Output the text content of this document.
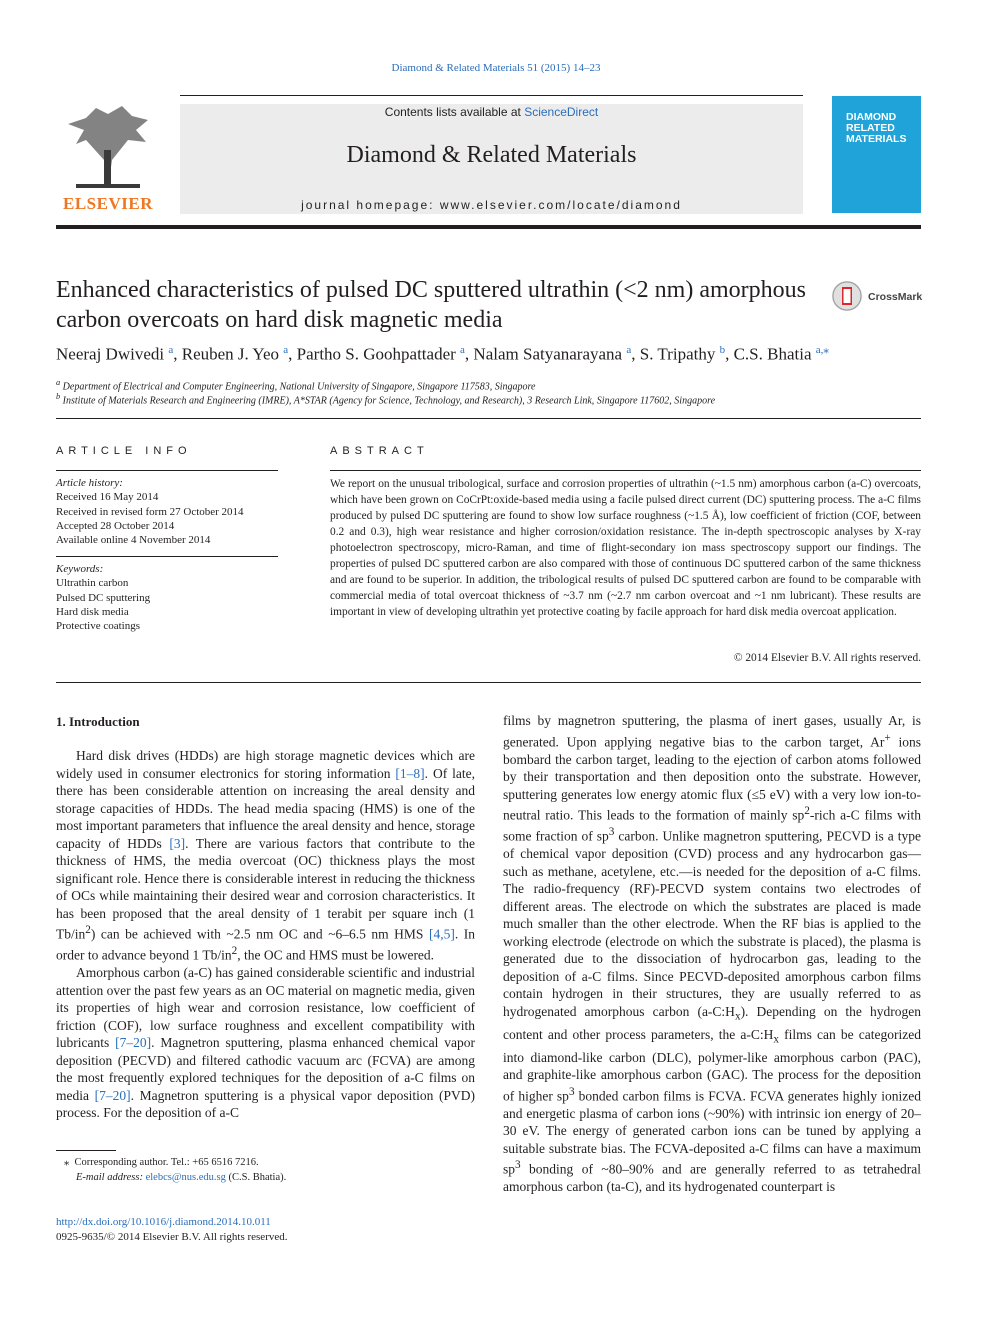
Diamond & Related Materials 51 (2015) 14–23
ELSEVIER
Contents lists available at ScienceDirect
Diamond & Related Materials
journal homepage: www.elsevier.com/locate/diamond
DIAMOND
RELATED
MATERIALS
Enhanced characteristics of pulsed DC sputtered ultrathin (<2 nm) amorphous carbon overcoats on hard disk magnetic media
CrossMark
Neeraj Dwivedi $^a$, Reuben J. Yeo $^a$, Partho S. Goohpattader $^a$, Nalam Satyanarayana $^a$, S. Tripathy $^b$, C.S. Bhatia $^{a,⁎}$
$^a$ Department of Electrical and Computer Engineering, National University of Singapore, Singapore 117583, Singapore
$^b$ Institute of Materials Research and Engineering (IMRE), A*STAR (Agency for Science, Technology, and Research), 3 Research Link, Singapore 117602, Singapore
ARTICLE INFO
Article history:
Received 16 May 2014
Received in revised form 27 October 2014
Accepted 28 October 2014
Available online 4 November 2014
Keywords:
Ultrathin carbon
Pulsed DC sputtering
Hard disk media
Protective coatings
ABSTRACT
We report on the unusual tribological, surface and corrosion properties of ultrathin (~1.5 nm) amorphous carbon (a-C) overcoats, which have been grown on CoCrPt:oxide-based media using a facile pulsed direct current (DC) sputtering process. The a-C films produced by pulsed DC sputtering are found to show low surface roughness (~1.5 Å), low coefficient of friction (COF, between 0.2 and 0.3), high wear resistance and higher corrosion/oxidation resistance. The in-depth spectroscopic analyses by X-ray photoelectron spectroscopy, micro-Raman, and time of flight-secondary ion mass spectroscopy support our findings. The properties of pulsed DC sputtered carbon are also compared with those of continuous DC sputtered carbon of the same thickness and are found to be superior. In addition, the tribological results of pulsed DC sputtered carbon are found to be comparable with commercial media of total overcoat thickness of ~3.7 nm (~2.7 nm carbon overcoat and ~1 nm lubricant). These results are important in view of developing ultrathin yet protective coating by facile approach for hard disk media overcoat application.
© 2014 Elsevier B.V. All rights reserved.
1. Introduction

Hard disk drives (HDDs) are high storage magnetic devices which are widely used in consumer electronics for storing information [1–8]. Of late, there has been considerable attention on increasing the areal density and storage capacities of HDDs. The head media spacing (HMS) is one of the most important parameters that influence the areal density and hence, storage capacity of HDDs [3]. There are various factors that contribute to the thickness of HMS, the media overcoat (OC) thickness plays the most significant role. Hence there is considerable interest in reducing the thickness of OCs while maintaining their desired wear and corrosion characteristics. It has been proposed that the areal density of 1 terabit per square inch (1 $Tb/in^2$) can be achieved with ~2.5 nm OC and ~6–6.5 nm HMS [4,5]. In order to advance beyond 1 $Tb/in^2$, the OC and HMS must be lowered.

Amorphous carbon (a-C) has gained considerable scientific and industrial attention over the past few years as an OC material on magnetic media, given its properties of high wear and corrosion resistance, low coefficient of friction (COF), low surface roughness and excellent compatibility with lubricants [7–20]. Magnetron sputtering, plasma enhanced chemical vapor deposition (PECVD) and filtered cathodic vacuum arc (FCVA) are among the most frequently explored techniques for the deposition of a-C films on media [7–20]. Magnetron sputtering is a physical vapor deposition (PVD) process. For the deposition of a-C

films by magnetron sputtering, the plasma of inert gases, usually Ar, is generated. Upon applying negative bias to the carbon target, Ar+ ions bombard the carbon target, leading to the ejection of carbon atoms followed by their transportation and then deposition onto the substrate. However, sputtering generates low energy atomic flux (≤5 eV) with a very low ion-to-neutral ratio. This leads to the formation of mainly $sp^2$-rich a-C films with some fraction of $sp^3$ carbon. Unlike magnetron sputtering, PECVD is a type of chemical vapor deposition (CVD) process and any hydrocarbon gas—such as methane, acetylene, etc.—is needed for the deposition of a-C films. The radio-frequency (RF)-PECVD system contains two electrodes of different areas. The electrode on which the substrates are placed is made much smaller than the other electrode. When the RF bias is applied to the working electrode (electrode on which the substrate is placed), the plasma is generated due to the dissociation of hydrocarbon gas, leading to the deposition of a-C films. Since PECVD-deposited amorphous carbon films contain hydrogen in their structures, they are usually referred to as hydrogenated amorphous carbon $(a-C:H_x)$. Depending on the hydrogen content and other process parameters, the $a-C:H_x$ films can be categorized into diamond-like carbon (DLC), polymer-like amorphous carbon (PAC), and graphite-like amorphous carbon (GAC). The process for the deposition of higher $sp^3$ bonded carbon films is FCVA. FCVA generates highly ionized and energetic plasma of carbon ions (~90%) with intrinsic ion energy of 20–30 eV. The energy of generated carbon ions can be tuned by applying a suitable substrate bias. The FCVA-deposited a-C films can have a maximum $sp^3$ bonding of ~80–90% and are generally referred to as tetrahedral amorphous carbon (ta-C), and its hydrogenated counterpart is

⁎ Corresponding author. Tel.: +65 6516 7216.
E-mail address: elebcs@nus.edu.sg (C.S. Bhatia).
http://dx.doi.org/10.1016/j.diamond.2014.10.011
0925-9635/© 2014 Elsevier B.V. All rights reserved.
